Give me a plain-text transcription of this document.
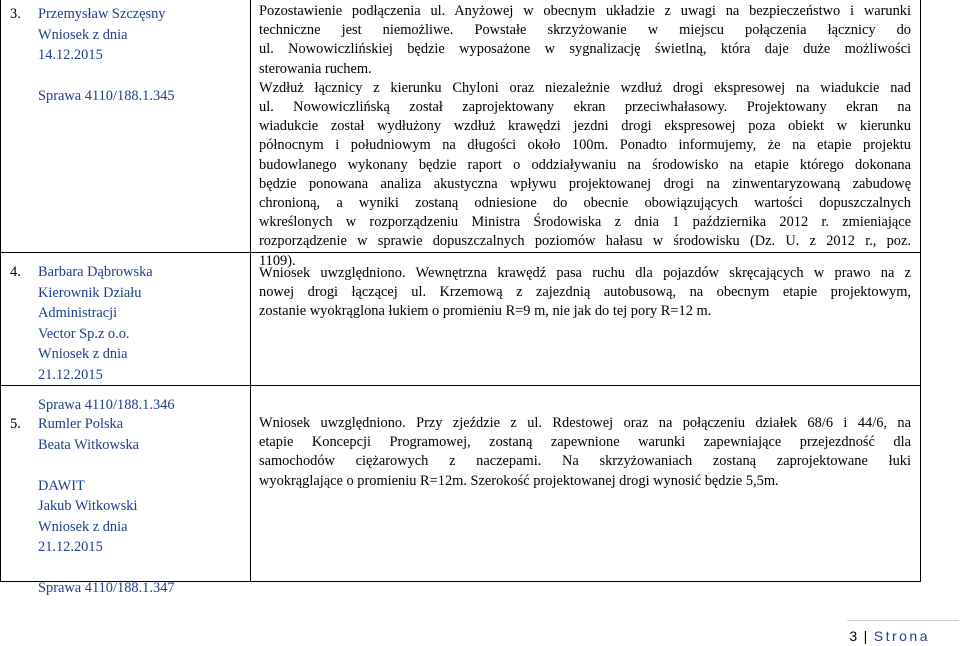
3. Przemysław Szczęsny
Wniosek z dnia
14.12.2015
Sprawa 4110/188.1.345
Pozostawienie podłączenia ul. Anyżowej w obecnym układzie z uwagi na bezpieczeństwo i warunki
techniczne jest niemożliwe. Powstałe skrzyżowanie w miejscu połączenia łącznicy do
ul. Nowowiczlińskiej będzie wyposażone w sygnalizację świetlną, która daje duże możliwości
sterowania ruchem.
Wzdłuż łącznicy z kierunku Chyloni oraz niezależnie wzdłuż drogi ekspresowej na wiadukcie nad
ul. Nowowiczlińską został zaprojektowany ekran przeciwhałasowy. Projektowany ekran na
wiadukcie został wydłużony wzdłuż krawędzi jezdni drogi ekspresowej poza obiekt w kierunku
północnym i południowym na długości około 100m. Ponadto informujemy, że na etapie projektu
budowlanego wykonany będzie raport o oddziaływaniu na środowisko na etapie którego dokonana
będzie ponowana analiza akustyczna wpływu projektowanej drogi na zinwentaryzowaną zabudowę
chronioną, a wyniki zostaną odniesione do obecnie obowiązujących wartości dopuszczalnych
wkreślonych w rozporządzeniu Ministra Środowiska z dnia 1 października 2012 r. zmieniające
rozporządzenie w sprawie dopuszczalnych poziomów hałasu w środowisku (Dz. U. z 2012 r., poz.
1109).
4. Barbara Dąbrowska
Kierownik Działu
Administracji
Vector Sp.z o.o.
Wniosek z dnia
21.12.2015
Sprawa 4110/188.1.346
Wniosek uwzględniono. Wewnętrzna krawędź pasa ruchu dla pojazdów skręcających w prawo na z
nowej drogi łączącej ul. Krzemową z zajezdnią autobusową, na obecnym etapie projektowym,
zostanie wyokrąglona łukiem o promieniu R=9 m, nie jak do tej pory R=12 m.
5. Rumler Polska
Beata Witkowska
DAWIT
Jakub Witkowski
Wniosek z dnia
21.12.2015
Sprawa 4110/188.1.347
Wniosek uwzględniono. Przy zjeździe z ul. Rdestowej oraz na połączeniu działek 68/6 i 44/6, na
etapie Koncepcji Programowej, zostaną zapewnione warunki zapewniające przejezdność dla
samochodów ciężarowych z naczepami. Na skrzyżowaniach zostaną zaprojektowane łuki
wyokrąglające o promieniu R=12m. Szerokość projektowanej drogi wynosić będzie 5,5m.
3 | Strona
